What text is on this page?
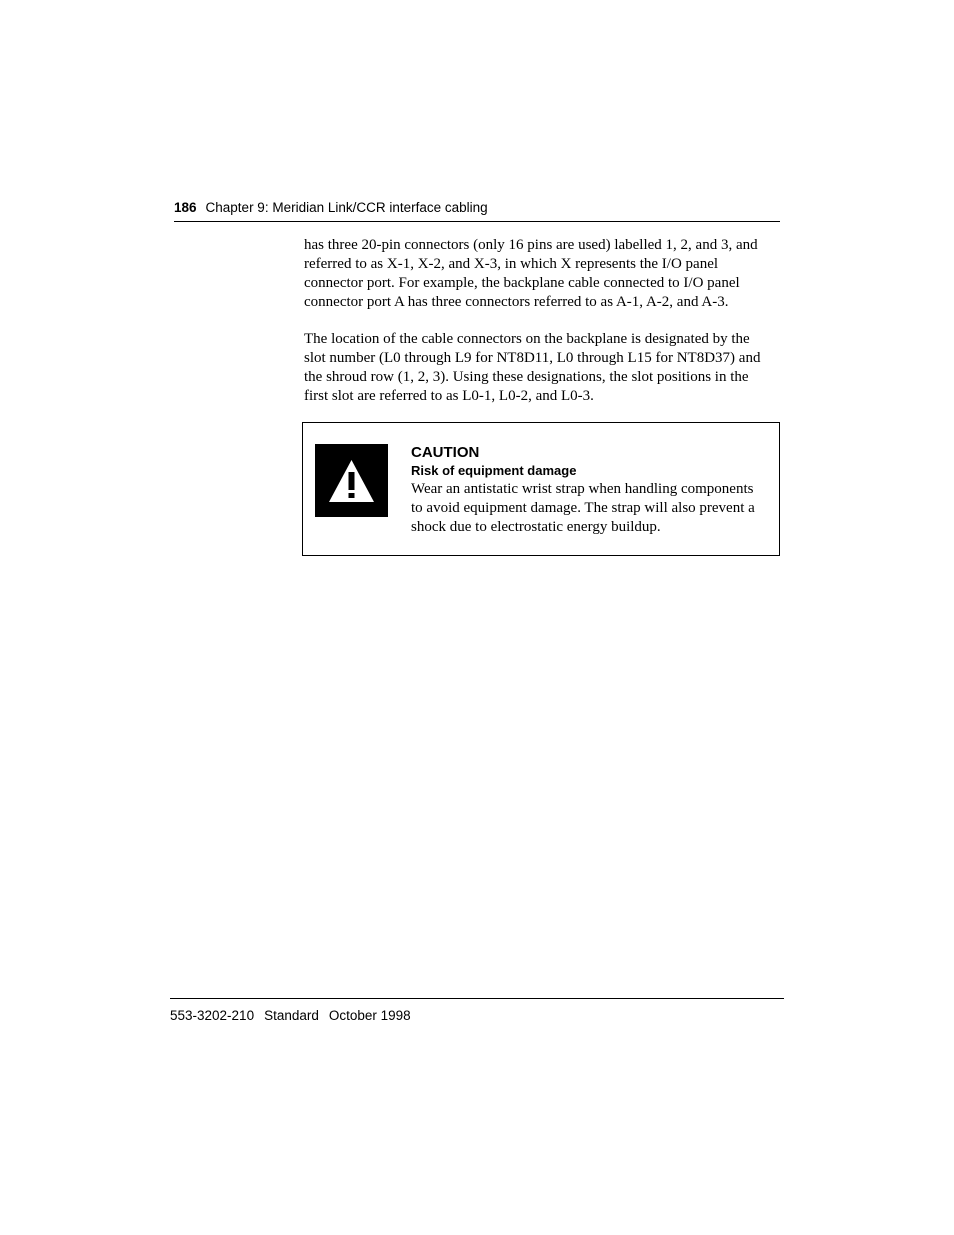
186 Chapter 9: Meridian Link/CCR interface cabling

has three 20-pin connectors (only 16 pins are used) labelled 1, 2, and 3, and
referred to as X-1, X-2, and X-3, in which X represents the I/O panel
connector port. For example, the backplane cable connected to I/O panel
connector port A has three connectors referred to as A-1, A-2, and A-3.

The location of the cable connectors on the backplane is designated by the
slot number (L0 through L9 for NT8D11, L0 through L15 for NT8D37) and
the shroud row (1, 2, 3). Using these designations, the slot positions in the
first slot are referred to as L0-1, L0-2, and L0-3.

CAUTION
Risk of equipment damage
Wear an antistatic wrist strap when handling components
to avoid equipment damage. The strap will also prevent a
shock due to electrostatic energy buildup.
553-3202-210 Standard October 1998
